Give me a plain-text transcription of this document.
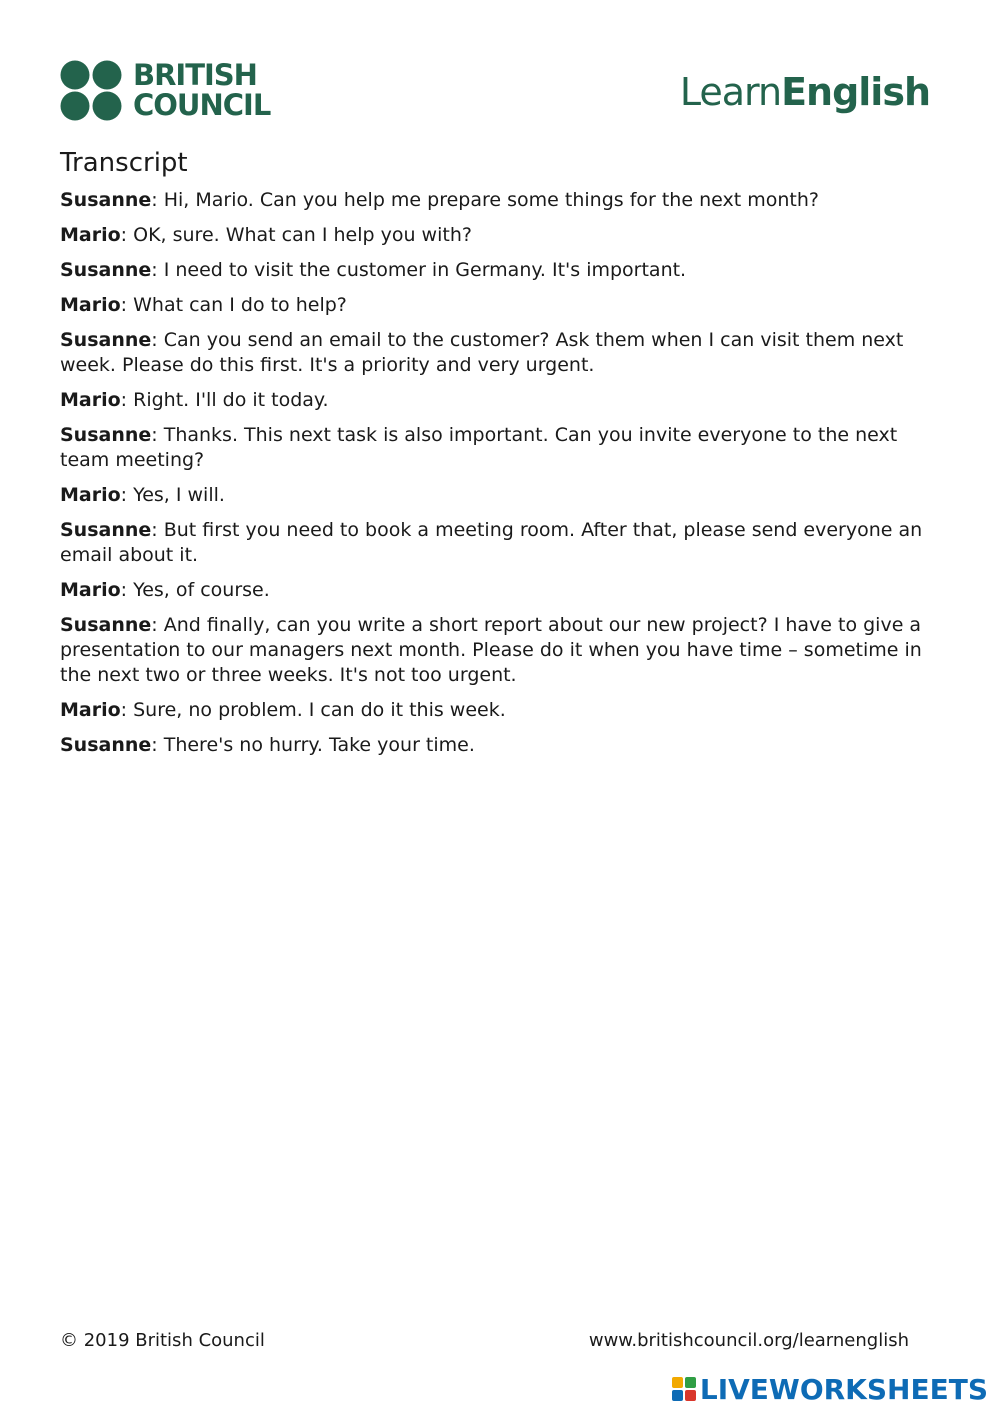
BRITISH
COUNCIL	LearnEnglish
Transcript

Susanne: Hi, Mario. Can you help me prepare some things for the next month?

Mario: OK, sure. What can I help you with?

Susanne: I need to visit the customer in Germany. It's important.

Mario: What can I do to help?

Susanne: Can you send an email to the customer? Ask them when I can visit them next week. Please do this first. It's a priority and very urgent.

Mario: Right. I'll do it today.

Susanne: Thanks. This next task is also important. Can you invite everyone to the next team meeting?

Mario: Yes, I will.

Susanne: But first you need to book a meeting room. After that, please send everyone an email about it.

Mario: Yes, of course.

Susanne: And finally, can you write a short report about our new project? I have to give a presentation to our managers next month. Please do it when you have time – sometime in the next two or three weeks. It's not too urgent.

Mario: Sure, no problem. I can do it this week.

Susanne: There's no hurry. Take your time.

© 2019 British Council	www.britishcouncil.org/learnenglish
LIVEWORKSHEETS
